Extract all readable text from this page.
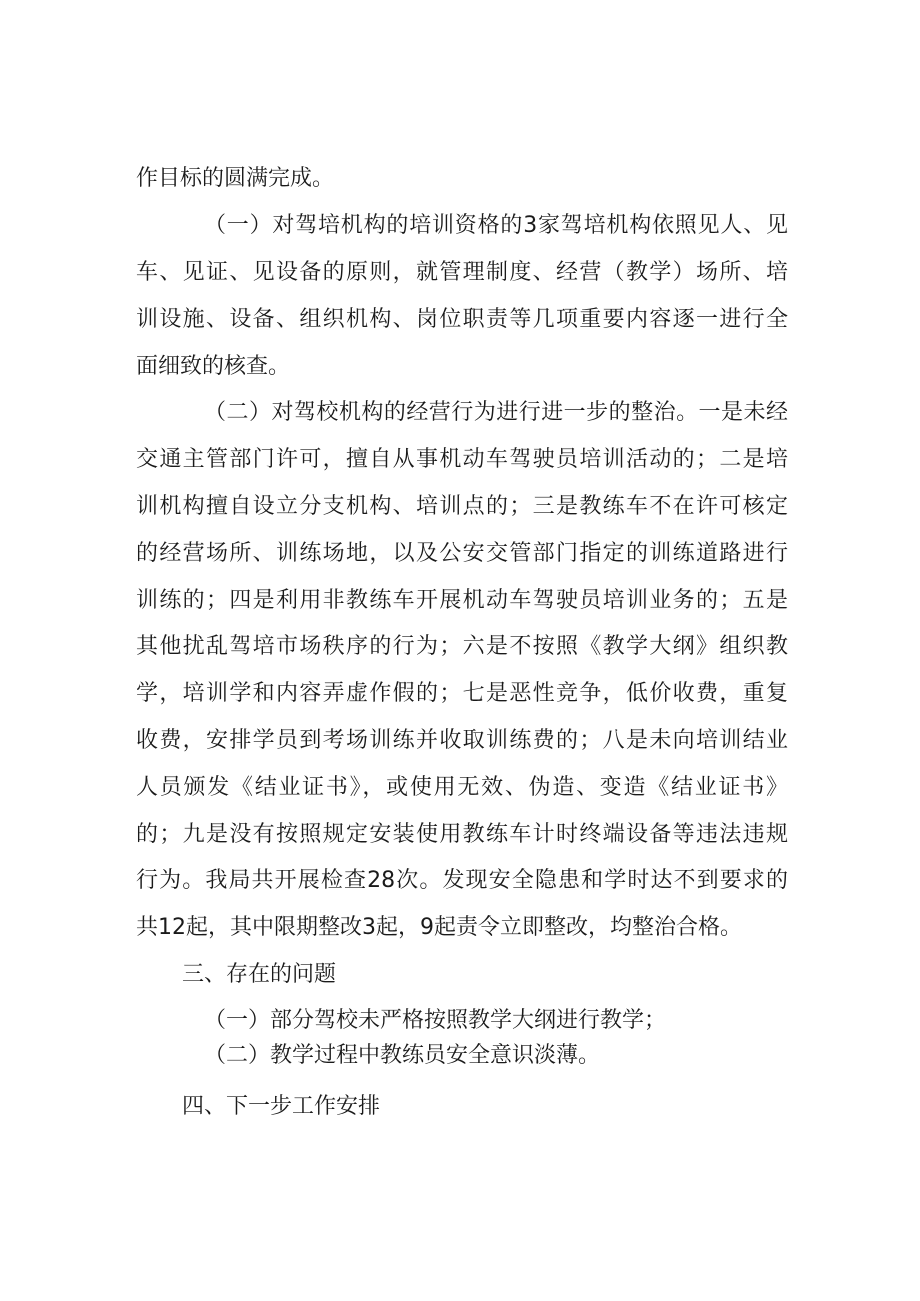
作目标的圆满完成。
（一）对驾培机构的培训资格的3家驾培机构依照见人、见
车、见证、见设备的原则，就管理制度、经营（教学）场所、培
训设施、设备、组织机构、岗位职责等几项重要内容逐一进行全
面细致的核查。
（二）对驾校机构的经营行为进行进一步的整治。一是未经
交通主管部门许可，擅自从事机动车驾驶员培训活动的；二是培
训机构擅自设立分支机构、培训点的；三是教练车不在许可核定
的经营场所、训练场地，以及公安交管部门指定的训练道路进行
训练的；四是利用非教练车开展机动车驾驶员培训业务的；五是
其他扰乱驾培市场秩序的行为；六是不按照《教学大纲》组织教
学，培训学和内容弄虚作假的；七是恶性竞争，低价收费，重复
收费，安排学员到考场训练并收取训练费的；八是未向培训结业
人员颁发《结业证书》，或使用无效、伪造、变造《结业证书》
的；九是没有按照规定安装使用教练车计时终端设备等违法违规
行为。我局共开展检查28次。发现安全隐患和学时达不到要求的
共12起，其中限期整改3起，9起责令立即整改，均整治合格。
三、存在的问题
（一）部分驾校未严格按照教学大纲进行教学；
（二）教学过程中教练员安全意识淡薄。
四、下一步工作安排
